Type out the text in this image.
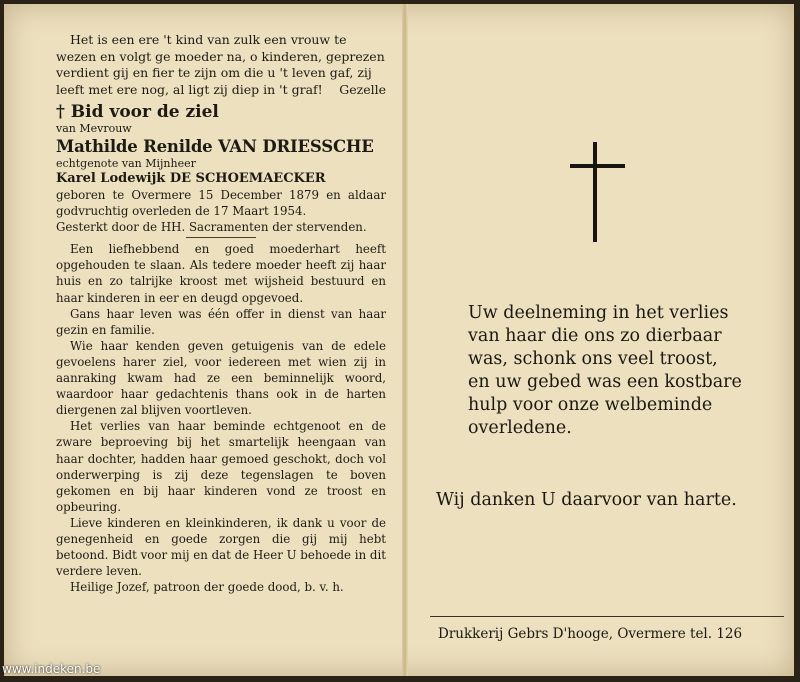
Het is een ere 't kind van zulk een vrouw te

wezen en volgt ge moeder na, o kinderen, geprezen

verdient gij en fier te zijn om die u 't leven gaf, zij

leeft met ere nog, al ligt zij diep in 't graf! Gezelle

† Bid voor de ziel

van Mevrouw

Mathilde Renilde VAN DRIESSCHE

echtgenote van Mijnheer

Karel Lodewijk DE SCHOEMAECKER

geboren te Overmere 15 December 1879 en aldaar godvruchtig overleden de 17 Maart 1954.

Gesterkt door de HH. Sacramenten der stervenden.

Een liefhebbend en goed moederhart heeft opgehouden te slaan. Als tedere moeder heeft zij haar huis en zo talrijke kroost met wijsheid bestuurd en haar kinderen in eer en deugd opgevoed.

Gans haar leven was één offer in dienst van haar gezin en familie.

Wie haar kenden geven getuigenis van de edele gevoelens harer ziel, voor iedereen met wien zij in aanraking kwam had ze een beminnelijk woord, waardoor haar gedachtenis thans ook in de harten diergenen zal blijven voortleven.

Het verlies van haar beminde echtgenoot en de zware beproeving bij het smartelijk heengaan van haar dochter, hadden haar gemoed geschokt, doch vol onderwerping is zij deze tegenslagen te boven gekomen en bij haar kinderen vond ze troost en opbeuring.

Lieve kinderen en kleinkinderen, ik dank u voor de genegenheid en goede zorgen die gij mij hebt betoond. Bidt voor mij en dat de Heer U behoede in dit verdere leven.

Heilige Jozef, patroon der goede dood, b. v. h.

Uw deelneming in het verlies
van haar die ons zo dierbaar
was, schonk ons veel troost,
en uw gebed was een kostbare
hulp voor onze welbeminde
overledene.
Wij danken U daarvoor van harte.
Drukkerij Gebrs D'hooge, Overmere tel. 126
www.indeken.be
